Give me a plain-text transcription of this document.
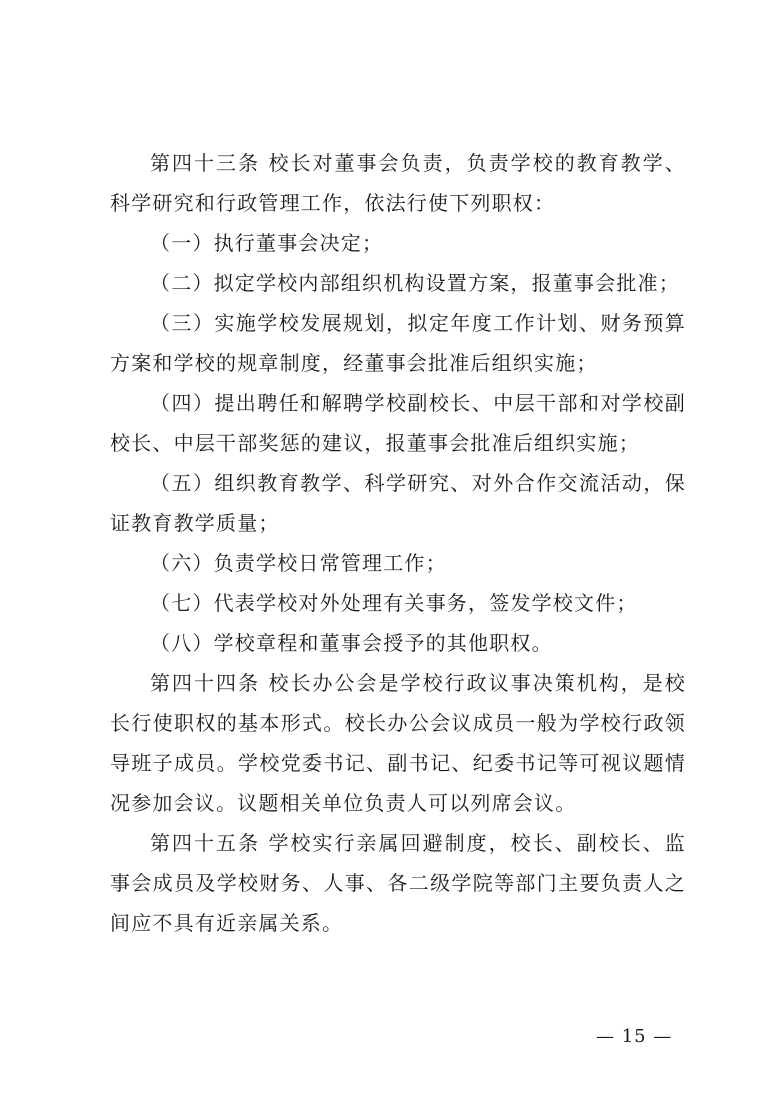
第四十三条 校长对董事会负责，负责学校的教育教学、科学研究和行政管理工作，依法行使下列职权：

（一）执行董事会决定；

（二）拟定学校内部组织机构设置方案，报董事会批准；

（三）实施学校发展规划，拟定年度工作计划、财务预算方案和学校的规章制度，经董事会批准后组织实施；

（四）提出聘任和解聘学校副校长、中层干部和对学校副校长、中层干部奖惩的建议，报董事会批准后组织实施；

（五）组织教育教学、科学研究、对外合作交流活动，保证教育教学质量；

（六）负责学校日常管理工作；

（七）代表学校对外处理有关事务，签发学校文件；

（八）学校章程和董事会授予的其他职权。

第四十四条 校长办公会是学校行政议事决策机构，是校长行使职权的基本形式。校长办公会议成员一般为学校行政领导班子成员。学校党委书记、副书记、纪委书记等可视议题情况参加会议。议题相关单位负责人可以列席会议。

第四十五条 学校实行亲属回避制度，校长、副校长、监事会成员及学校财务、人事、各二级学院等部门主要负责人之间应不具有近亲属关系。

— 15 —
